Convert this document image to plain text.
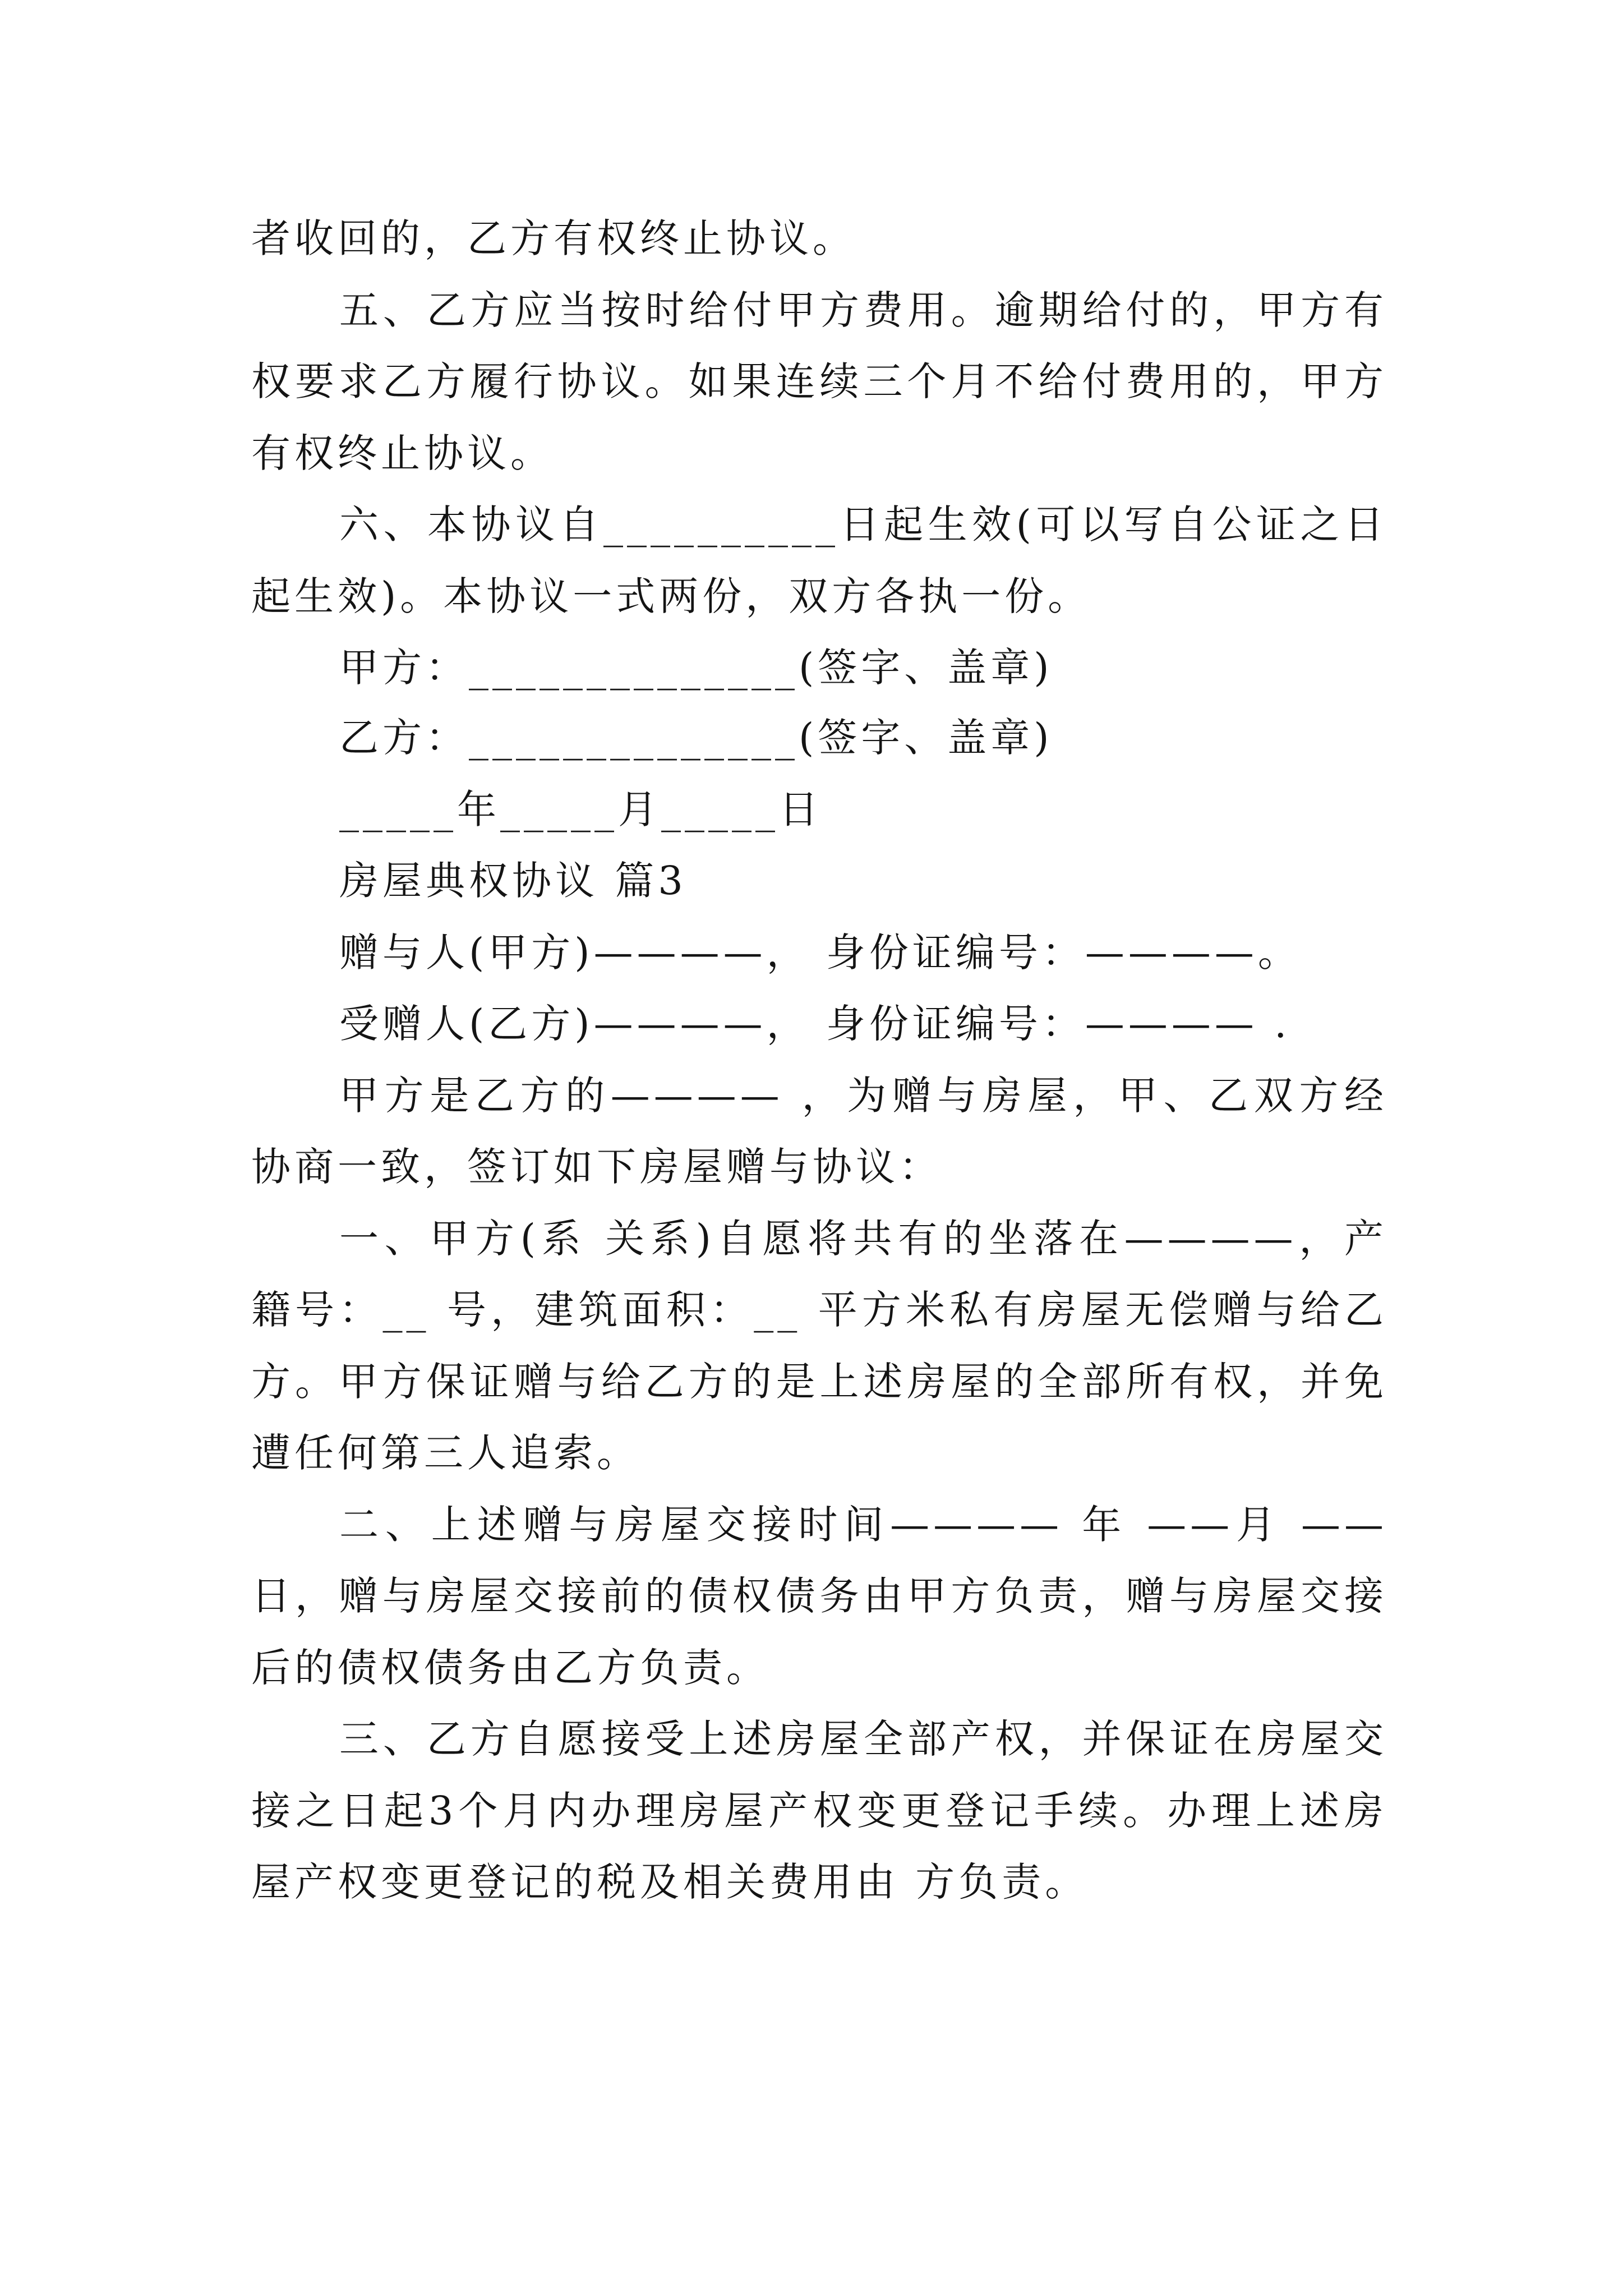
者收回的，乙方有权终止协议。
五、乙方应当按时给付甲方费用。逾期给付的，甲方有
权要求乙方履行协议。如果连续三个月不给付费用的，甲方
有权终止协议。
六、本协议自__________日起生效(可以写自公证之日
起生效)。本协议一式两份，双方各执一份。
甲方：______________(签字、盖章)
乙方：______________(签字、盖章)
_____年_____月_____日
房屋典权协议 篇3
赠与人(甲方)————， 身份证编号：————。
受赠人(乙方)————， 身份证编号：———— .
甲方是乙方的———— ，为赠与房屋，甲、乙双方经
协商一致，签订如下房屋赠与协议：
一、甲方(系 关系)自愿将共有的坐落在————，产
籍号：__ 号，建筑面积：__ 平方米私有房屋无偿赠与给乙
方。甲方保证赠与给乙方的是上述房屋的全部所有权，并免
遭任何第三人追索。
二、上述赠与房屋交接时间———— 年 ——月 ——
日，赠与房屋交接前的债权债务由甲方负责，赠与房屋交接
后的债权债务由乙方负责。
三、乙方自愿接受上述房屋全部产权，并保证在房屋交
接之日起3个月内办理房屋产权变更登记手续。办理上述房
屋产权变更登记的税及相关费用由 方负责。
